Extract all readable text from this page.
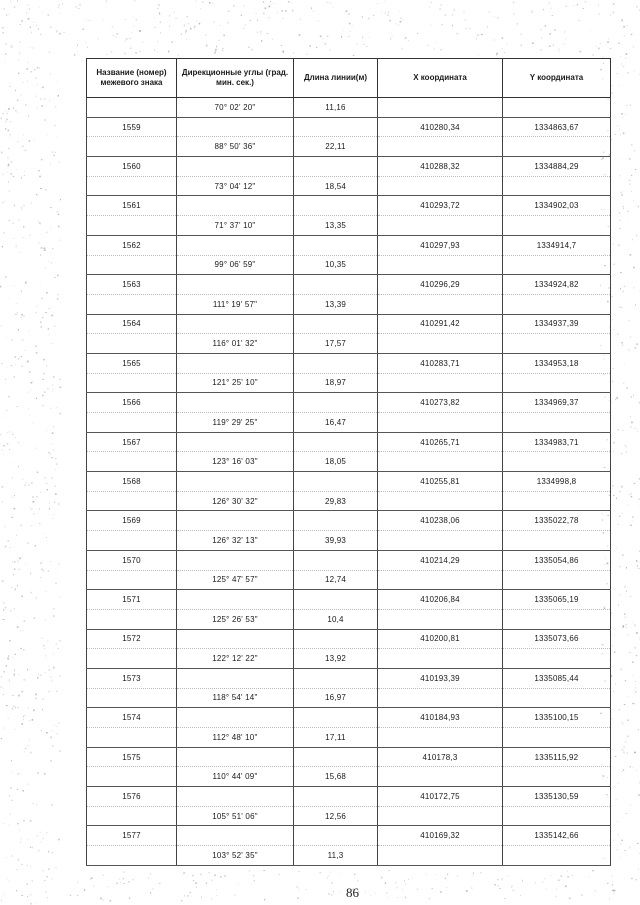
Название (номер) межевого знака	Дирекционные углы (град. мин. сек.)	Длина линии(м)	X координата	Y координата
	70° 02' 20"	11,16		
1559			410280,34	1334863,67
	88° 50' 36"	22,11		
1560			410288,32	1334884,29
	73° 04' 12"	18,54		
1561			410293,72	1334902,03
	71° 37' 10"	13,35		
1562			410297,93	1334914,7
	99° 06' 59"	10,35		
1563			410296,29	1334924,82
	111° 19' 57"	13,39		
1564			410291,42	1334937,39
	116° 01' 32"	17,57		
1565			410283,71	1334953,18
	121° 25' 10"	18,97		
1566			410273,82	1334969,37
	119° 29' 25"	16,47		
1567			410265,71	1334983,71
	123° 16' 03"	18,05		
1568			410255,81	1334998,8
	126° 30' 32"	29,83		
1569			410238,06	1335022,78
	126° 32' 13"	39,93		
1570			410214,29	1335054,86
	125° 47' 57"	12,74		
1571			410206,84	1335065,19
	125° 26' 53"	10,4		
1572			410200,81	1335073,66
	122° 12' 22"	13,92		
1573			410193,39	1335085,44
	118° 54' 14"	16,97		
1574			410184,93	1335100,15
	112° 48' 10"	17,11		
1575			410178,3	1335115,92
	110° 44' 09"	15,68		
1576			410172,75	1335130,59
	105° 51' 06"	12,56		
1577			410169,32	1335142,66
	103° 52' 35"	11,3		
86
